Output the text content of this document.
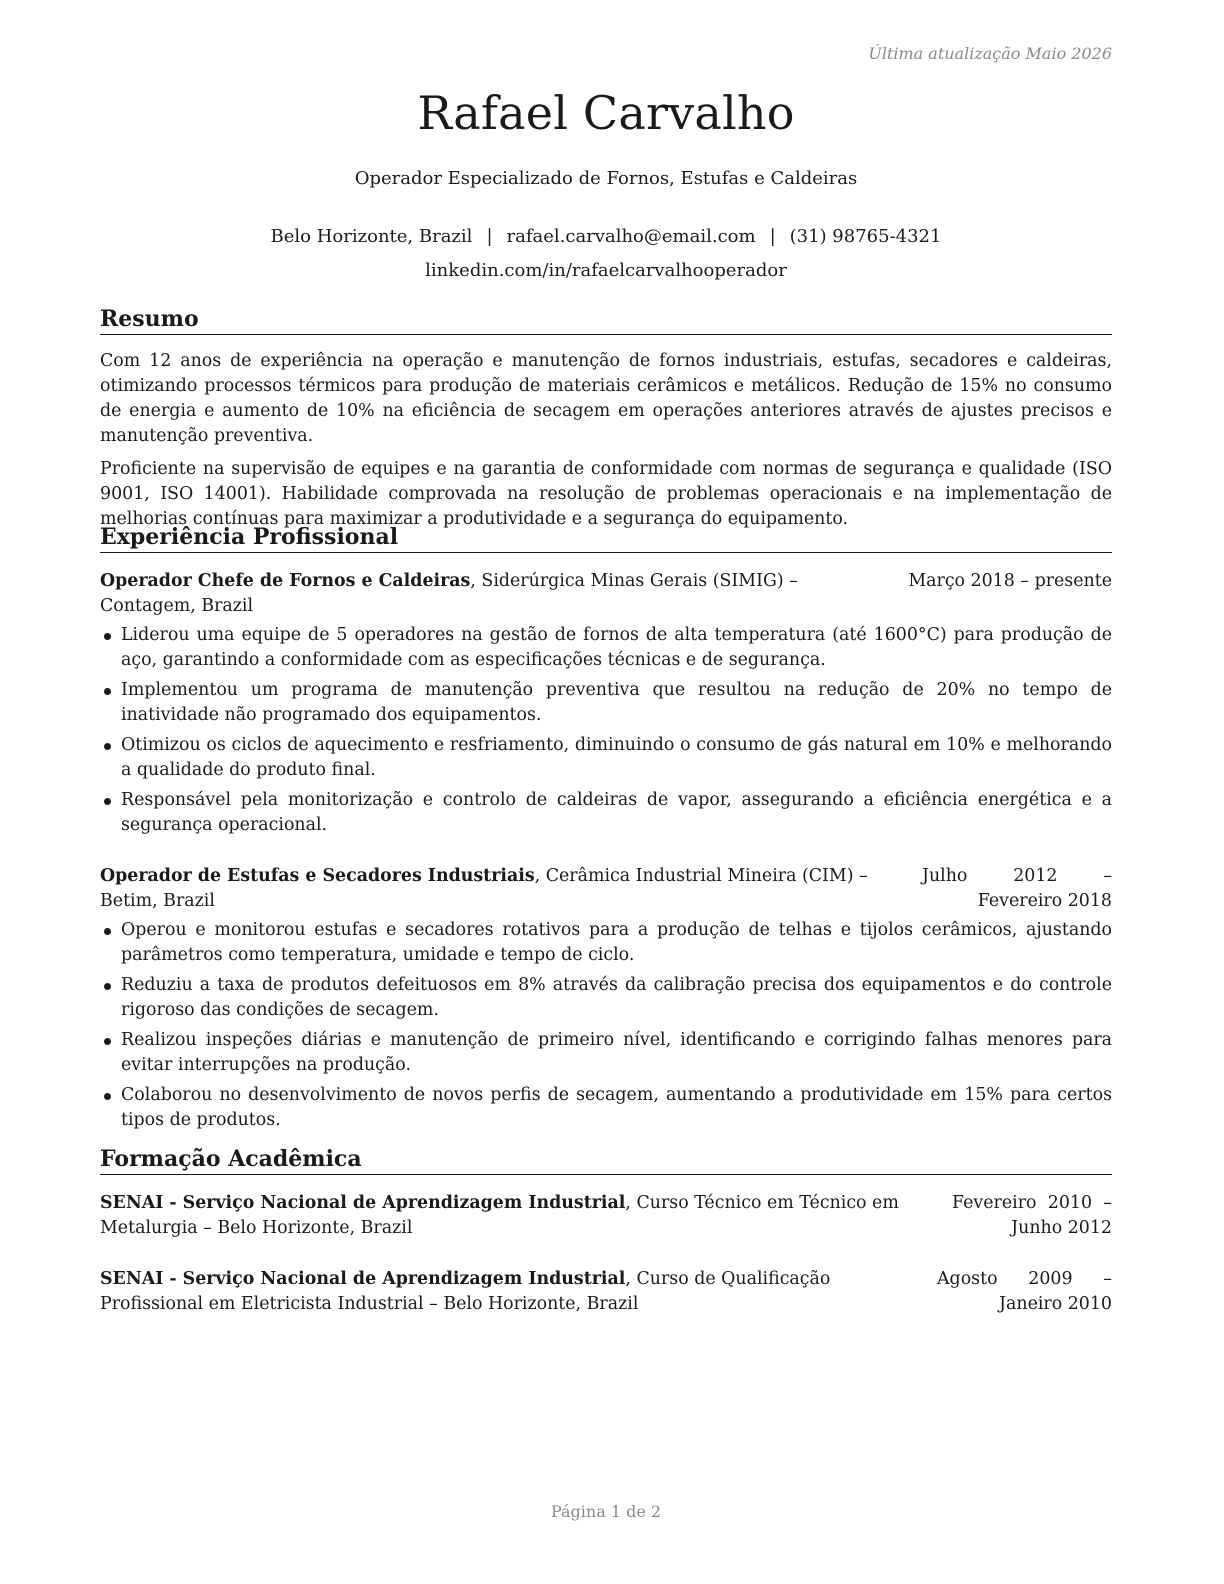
Última atualização Maio 2026
Rafael Carvalho
Operador Especializado de Fornos, Estufas e Caldeiras
Belo Horizonte, Brazil | rafael.carvalho@email.com | (31) 98765-4321
linkedin.com/in/rafaelcarvalhooperador
Resumo

Com 12 anos de experiência na operação e manutenção de fornos industriais, estufas, secadores e caldeiras, otimizando processos térmicos para produção de materiais cerâmicos e metálicos. Redução de 15% no consumo de energia e aumento de 10% na eficiência de secagem em operações anteriores através de ajustes precisos e manutenção preventiva.

Proficiente na supervisão de equipes e na garantia de conformidade com normas de segurança e qualidade (ISO 9001, ISO 14001). Habilidade comprovada na resolução de problemas operacionais e na implementação de melhorias contínuas para maximizar a produtividade e a segurança do equipamento.

Experiência Profissional
Operador Chefe de Fornos e Caldeiras, Siderúrgica Minas Gerais (SIMIG) – Contagem, Brazil
Março 2018 – presente
Liderou uma equipe de 5 operadores na gestão de fornos de alta temperatura (até 1600°C) para produção de aço, garantindo a conformidade com as especificações técnicas e de segurança.
Implementou um programa de manutenção preventiva que resultou na redução de 20% no tempo de inatividade não programado dos equipamentos.
Otimizou os ciclos de aquecimento e resfriamento, diminuindo o consumo de gás natural em 10% e melhorando a qualidade do produto final.
Responsável pela monitorização e controlo de caldeiras de vapor, assegurando a eficiência energética e a segurança operacional.
Operador de Estufas e Secadores Industriais, Cerâmica Industrial Mineira (CIM) – Betim, Brazil
Julho 2012 – Fevereiro 2018
Operou e monitorou estufas e secadores rotativos para a produção de telhas e tijolos cerâmicos, ajustando parâmetros como temperatura, umidade e tempo de ciclo.
Reduziu a taxa de produtos defeituosos em 8% através da calibração precisa dos equipamentos e do controle rigoroso das condições de secagem.
Realizou inspeções diárias e manutenção de primeiro nível, identificando e corrigindo falhas menores para evitar interrupções na produção.
Colaborou no desenvolvimento de novos perfis de secagem, aumentando a produtividade em 15% para certos tipos de produtos.
Formação Acadêmica
SENAI - Serviço Nacional de Aprendizagem Industrial, Curso Técnico em Técnico em Metalurgia – Belo Horizonte, Brazil
Fevereiro 2010 – Junho 2012
SENAI - Serviço Nacional de Aprendizagem Industrial, Curso de Qualificação Profissional em Eletricista Industrial – Belo Horizonte, Brazil
Agosto 2009 – Janeiro 2010
Página 1 de 2
